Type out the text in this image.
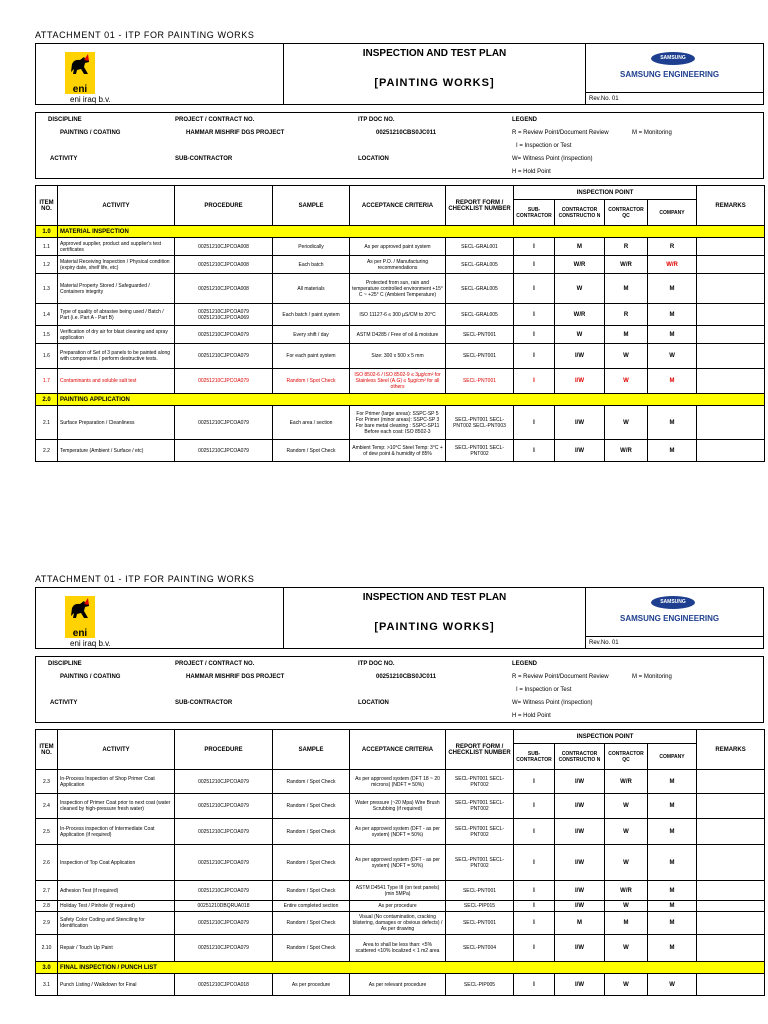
ATTACHMENT 01 - ITP FOR PAINTING WORKS
eni
eni iraq b.v.
INSPECTION AND TEST PLAN
[PAINTING WORKS]
SAMSUNG
SAMSUNG ENGINEERING
Rev.No. 01
DISCIPLINE
PAINTING / COATING
PROJECT / CONTRACT NO.
HAMMAR MISHRIF DGS PROJECT
ITP DOC NO.
00251210CBS0JC011
LEGEND
R = Review Point/Document Review	M = Monitoring
I = Inspection or Test
W= Witness Point (Inspection)
H = Hold Point
ACTIVITY	SUB-CONTRACTOR	LOCATION
ITEM NO.	ACTIVITY	PROCEDURE	SAMPLE	ACCEPTANCE CRITERIA	REPORT FORM / CHECKLIST NUMBER	INSPECTION POINT				REMARKS
						SUB-CONTRACTOR	CONTRACTOR CONSTRUCTIO N	CONTRACTOR QC	COMPANY	
1.0	MATERIAL INSPECTION									
1.1	Approved supplier, product and supplier's test certificates	00251210CJPCOA008	Periodically	As per approved paint system	SECL-GRAL001	I	M	R	R	
1.2	Material Receiving Inspection / Physical condition (expiry date, shelf life, etc)	00251210CJPCOA008	Each batch	As per P.O. / Manufacturing recommendations	SECL-GRAL005	I	W/R	W/R	W/R	
1.3	Material Property Stored / Safeguarded / Containers integrity	00251210CJPCOA008	All materials	Protected from sun, rain and temperature controlled environment +15° C ~ +25° C (Ambient Temperature)	SECL-GRAL005	I	W	M	M	
1.4	Type of quality of abrasive being used / Batch / Part (i.e. Part A - Part B)	00251210CJPCOA079 00251210CJPCOA069	Each batch / paint system	ISO 11127-6 ≤ 300 µS/CM to 20°C	SECL-GRAL005	I	W/R	R	M	
1.5	Verification of dry air for blast cleaning and spray application	00251210CJPCOA079	Every shift / day	ASTM D4285 / Free of oil & moisture	SECL-PNT001	I	W	M	M	
1.6	Preparation of Set of 3 panels to be painted along with components / perform destructive tests.	00251210CJPCOA079	For each paint system	Size: 300 x 500 x 5 mm	SECL-PNT001	I	I/W	W	W	
1.7	Contaminants and soluble salt test	00251210CJPCOA079	Random / Spot Check	ISO 8502-6 / ISO 8502-9 ≤ 3µg/cm² for Stainless Steel (A.G) ≤ 5µg/cm² for all others	SECL-PNT001	I	I/W	W	M	
2.0	PAINTING APPLICATION									
2.1	Surface Preparation / Cleanliness	00251210CJPCOA079	Each area / section	For Primer (large areas): SSPC-SP 5 For Primer (minor areas): SSPC-SP 3 For bare metal cleaning : SSPC-SP11 Before each coat: ISO 8502-3	SECL-PNT001 SECL-PNT002 SECL-PNT003	I	I/W	W	M	
2.2	Temperature (Ambient / Surface / etc)	00251210CJPCOA079	Random / Spot Check	Ambient Temp: >10°C Steel Temp: 3°C + of dew point & humidity of 85%	SECL-PNT001 SECL-PNT002	I	I/W	W/R	M	
ATTACHMENT 01 - ITP FOR PAINTING WORKS
eni
eni iraq b.v.
INSPECTION AND TEST PLAN
[PAINTING WORKS]
SAMSUNG
SAMSUNG ENGINEERING
Rev.No. 01
DISCIPLINE
PAINTING / COATING
PROJECT / CONTRACT NO.
HAMMAR MISHRIF DGS PROJECT
ITP DOC NO.
00251210CBS0JC011
LEGEND
R = Review Point/Document Review	M = Monitoring
I = Inspection or Test
W= Witness Point (Inspection)
H = Hold Point
ACTIVITY	SUB-CONTRACTOR	LOCATION
ITEM NO.	ACTIVITY	PROCEDURE	SAMPLE	ACCEPTANCE CRITERIA	REPORT FORM / CHECKLIST NUMBER	INSPECTION POINT				REMARKS
						SUB-CONTRACTOR	CONTRACTOR CONSTRUCTIO N	CONTRACTOR QC	COMPANY	
2.3	In-Process Inspection of Shop Primer Coat Application	00251210CJPCOA079	Random / Spot Check	As per approved system (DFT 18 ~ 20 microns) (NDFT = 50%)	SECL-PNT001 SECL-PNT002	I	I/W	W/R	M	
2.4	Inspection of Primer Coat prior to next coat (water cleaned by high-pressure fresh water)	00251210CJPCOA079	Random / Spot Check	Water pressure (~20 Mpa) Wire Brush Scrubbing (if required)	SECL-PNT001 SECL-PNT002	I	I/W	W	M	
2.5	In-Process inspection of Intermediate Coat Application (if required)	00251210CJPCOA079	Random / Spot Check	As per approved system (DFT - as per system) (NDFT = 50%)	SECL-PNT001 SECL-PNT002	I	I/W	W	M	
2.6	Inspection of Top Coat Application	00251210CJPCOA079	Random / Spot Check	As per approved system (DFT - as per system) (NDFT = 50%)	SECL-PNT001 SECL-PNT002	I	I/W	W	M	
2.7	Adhesion Test (if required)	00251210CJPCOA079	Random / Spot Check	ASTM D4541 Type III (on test panels) (min 5MPa)	SECL-PNT001	I	I/W	W/R	M	
2.8	Holiday Test / Pinhole (if required)	00251210DBQRUA018	Entire completed section	As per procedure	SECL-PIP015	I	I/W	W	M	
2.9	Safety Color Coding and Stenciling for Identification	00251210CJPCOA079	Random / Spot Check	Visual (No contamination, cracking blistering, damages or obvious defects) / As per drawing	SECL-PNT001	I	M	M	M	
2.10	Repair / Touch Up Paint	00251210CJPCOA079	Random / Spot Check	Area to shall be less than: <5% scattered <10% localized < 1 m2 area	SECL-PNT004	I	I/W	W	M	
3.0	FINAL INSPECTION / PUNCH LIST									
3.1	Punch Listing / Walkdown for Final	00251210CJPCOA018	As per procedure	As per relevant procedure	SECL-PIP005	I	I/W	W	W	
